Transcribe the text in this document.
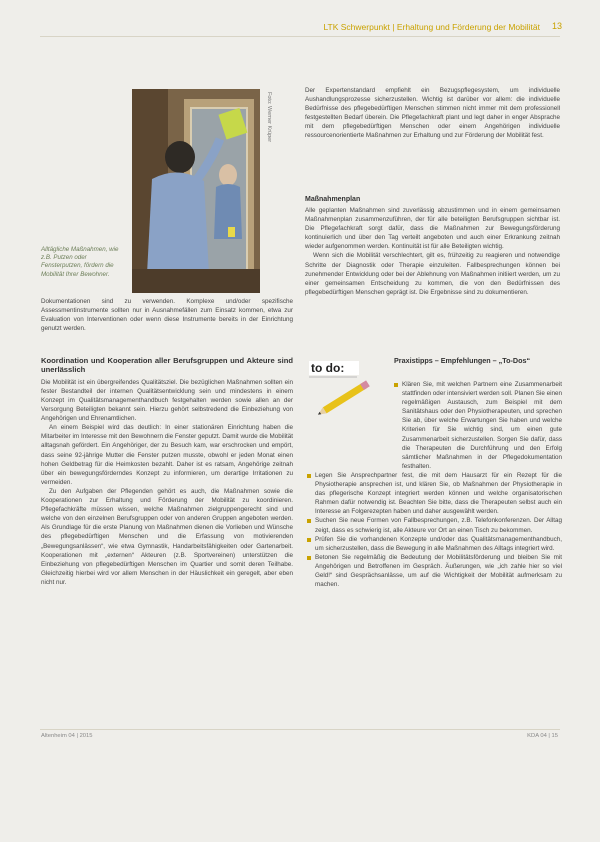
LTK Schwerpunkt | Erhaltung und Förderung der Mobilität 13
Foto: Werner Krüper
Alltägliche Maßnahmen, wie z.B. Putzen oder Fensterputzen, fördern die Mobilität Ihrer Bewohner.

Dokumentationen sind zu verwenden. Komplexe und/oder spezifische Assessmentinstrumente sollten nur in Ausnahmefällen zum Einsatz kommen, etwa zur Evaluation von Interventionen oder wenn diese Instrumente bereits in der Einrichtung genutzt werden.

Koordination und Kooperation aller Berufsgruppen und Akteure sind unerlässlich

Die Mobilität ist ein übergreifendes Qualitätsziel. Die bezüglichen Maßnahmen sollten ein fester Bestandteil der internen Qualitätsentwicklung sein und mindestens in einem Konzept im Qualitätsmanagementhandbuch festgehalten werden sowie allen an der Versorgung Beteiligten bekannt sein. Hierzu gehört selbstredend die Einbeziehung von Angehörigen und Ehrenamtlichen.

An einem Beispiel wird das deutlich: In einer stationären Einrichtung haben die Mitarbeiter im Interesse mit den Bewohnern die Fenster geputzt. Damit wurde die Mobilität alltagsnah gefördert. Ein Angehöriger, der zu Besuch kam, war erschrocken und empört, dass seine 92-jährige Mutter die Fenster putzen musste, obwohl er jeden Monat einen hohen Geldbetrag für die Heimkosten bezahlt. Daher ist es ratsam, Angehörige zeitnah über ein bewegungsförderndes Konzept zu informieren, um derartige Irritationen zu vermeiden.

Zu den Aufgaben der Pflegenden gehört es auch, die Maßnahmen sowie die Kooperationen zur Erhaltung und Förderung der Mobilität zu koordinieren. Pflegefachkräfte müssen wissen, welche Maßnahmen zielgruppengerecht sind und welche von den einzelnen Berufsgruppen oder von anderen Gruppen angeboten werden. Als Grundlage für die erste Planung von Maßnahmen dienen die Vorlieben und Wünsche des pflegebedürftigen Menschen und die Erfassung von motivierenden „Bewegungsanlässen“, wie etwa Gymnastik, Handarbeitsfähigkeiten oder Gartenarbeit. Kooperationen mit „externen“ Akteuren (z.B. Sportvereinen) unterstützen die Einbeziehung von pflegebedürftigen Menschen im Quartier und somit deren Teilhabe. Gleichzeitig hierbei wird vor allem Menschen in der Häuslichkeit ein geregelt, aber eben nicht nur.

Der Expertenstandard empfiehlt ein Bezugspflegesystem, um individuelle Aushandlungsprozesse sicherzustellen. Wichtig ist darüber vor allem: die individuelle Bedürfnisse des pflegebedürftigen Menschen stimmen nicht immer mit dem professionell festgestellten Bedarf überein. Die Pflegefachkraft plant und legt daher in enger Absprache mit dem pflegebedürftigen Menschen oder einem Angehörigen individuelle ressourcenorientierte Maßnahmen zur Erhaltung und zur Förderung der Mobilität fest.

Maßnahmenplan

Alle geplanten Maßnahmen sind zuverlässig abzustimmen und in einem gemeinsamen Maßnahmenplan zusammenzuführen, der für alle beteiligten Berufsgruppen sichtbar ist. Die Pflegefachkraft sorgt dafür, dass die Maßnahmen zur Bewegungsförderung kontinuierlich und über den Tag verteilt angeboten und auch einer Erkrankung zeitnah wieder aufgenommen werden. Kontinuität ist für alle Beteiligten wichtig.

Wenn sich die Mobilität verschlechtert, gilt es, frühzeitig zu reagieren und notwendige Schritte der Diagnostik oder Therapie einzuleiten. Fallbesprechungen können bei zunehmender Entwicklung oder bei der Ablehnung von Maßnahmen initiiert werden, um zu einer gemeinsamen Entscheidung zu kommen, die von den Bedürfnissen des pflegebedürftigen Menschen geprägt ist. Die Ergebnisse sind zu dokumentieren.

to do:
Praxistipps – Empfehlungen – „To-Dos“
Klären Sie, mit welchen Partnern eine Zusammenarbeit stattfinden oder intensiviert werden soll. Planen Sie einen regelmäßigen Austausch, zum Beispiel mit dem Sanitätshaus oder den Physiotherapeuten, und sprechen Sie ab, über welche Erwartungen Sie haben und welche Kriterien für Sie wichtig sind, um einen gute Zusammenarbeit sicherzustellen. Sorgen Sie dafür, dass die Therapeuten die Durchführung und den Erfolg sämtlicher Maßnahmen in der Pflegedokumentation festhalten.
Legen Sie Ansprechpartner fest, die mit dem Hausarzt für ein Rezept für die Physiotherapie ansprechen ist, und klären Sie, ob Maßnahmen der Physiotherapie in das pflegerische Konzept integriert werden können und welche organisatorischen Rahmen dafür notwendig ist. Beachten Sie bitte, dass die Therapeuten selbst auch ein Interesse an Folgerezepten haben und daher ausgewählt werden.
Suchen Sie neue Formen von Fallbesprechungen, z.B. Telefonkonferenzen. Der Alltag zeigt, dass es schwierig ist, alle Akteure vor Ort an einen Tisch zu bekommen.
Prüfen Sie die vorhandenen Konzepte und/oder das Qualitätsmanagementhandbuch, um sicherzustellen, dass die Bewegung in alle Maßnahmen des Alltags integriert wird.
Betonen Sie regelmäßig die Bedeutung der Mobilitätsförderung und bleiben Sie mit Angehörigen und Betroffenen im Gespräch. Äußerungen, wie „ich zahle hier so viel Geld!“ sind Gesprächsanlässe, um auf die Wichtigkeit der Mobilität aufmerksam zu machen.
Altenheim 04 | 2015	KDA 04 | 15
